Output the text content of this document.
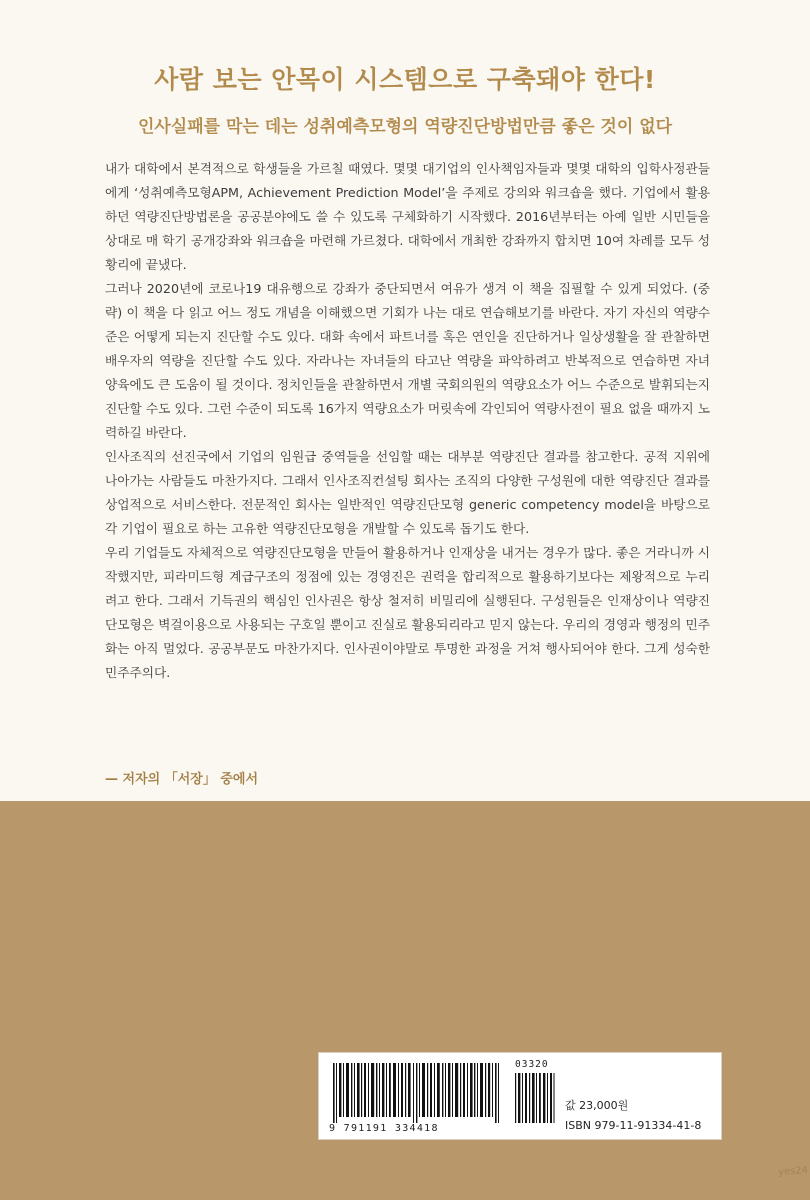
사람 보는 안목이 시스템으로 구축돼야 한다!
인사실패를 막는 데는 성취예측모형의 역량진단방법만큼 좋은 것이 없다

내가 대학에서 본격적으로 학생들을 가르칠 때였다. 몇몇 대기업의 인사책임자들과 몇몇 대학의 입학사정관들에게 ‘성취예측모형APM, Achievement Prediction Model’을 주제로 강의와 워크숍을 했다. 기업에서 활용하던 역량진단방법론을 공공분야에도 쓸 수 있도록 구체화하기 시작했다. 2016년부터는 아예 일반 시민들을 상대로 매 학기 공개강좌와 워크숍을 마련해 가르쳤다. 대학에서 개최한 강좌까지 합치면 10여 차례를 모두 성황리에 끝냈다.

그러나 2020년에 코로나19 대유행으로 강좌가 중단되면서 여유가 생겨 이 책을 집필할 수 있게 되었다. (중략) 이 책을 다 읽고 어느 정도 개념을 이해했으면 기회가 나는 대로 연습해보기를 바란다. 자기 자신의 역량수준은 어떻게 되는지 진단할 수도 있다. 대화 속에서 파트너를 혹은 연인을 진단하거나 일상생활을 잘 관찰하면 배우자의 역량을 진단할 수도 있다. 자라나는 자녀들의 타고난 역량을 파악하려고 반복적으로 연습하면 자녀 양육에도 큰 도움이 될 것이다. 정치인들을 관찰하면서 개별 국회의원의 역량요소가 어느 수준으로 발휘되는지 진단할 수도 있다. 그런 수준이 되도록 16가지 역량요소가 머릿속에 각인되어 역량사전이 필요 없을 때까지 노력하길 바란다.

인사조직의 선진국에서 기업의 임원급 중역들을 선임할 때는 대부분 역량진단 결과를 참고한다. 공적 지위에 나아가는 사람들도 마찬가지다. 그래서 인사조직컨설팅 회사는 조직의 다양한 구성원에 대한 역량진단 결과를 상업적으로 서비스한다. 전문적인 회사는 일반적인 역량진단모형 generic competency model을 바탕으로 각 기업이 필요로 하는 고유한 역량진단모형을 개발할 수 있도록 돕기도 한다.

우리 기업들도 자체적으로 역량진단모형을 만들어 활용하거나 인재상을 내거는 경우가 많다. 좋은 거라니까 시작했지만, 피라미드형 계급구조의 정점에 있는 경영진은 권력을 합리적으로 활용하기보다는 제왕적으로 누리려고 한다. 그래서 기득권의 핵심인 인사권은 항상 철저히 비밀리에 실행된다. 구성원들은 인재상이나 역량진단모형은 벽걸이용으로 사용되는 구호일 뿐이고 진실로 활용되리라고 믿지 않는다. 우리의 경영과 행정의 민주화는 아직 멀었다. 공공부문도 마찬가지다. 인사권이야말로 투명한 과정을 거쳐 행사되어야 한다. 그게 성숙한 민주주의다.

— 저자의 「서장」 중에서
03320
9 791191 334418
값 23,000원
ISBN 979-11-91334-41-8
yes24
